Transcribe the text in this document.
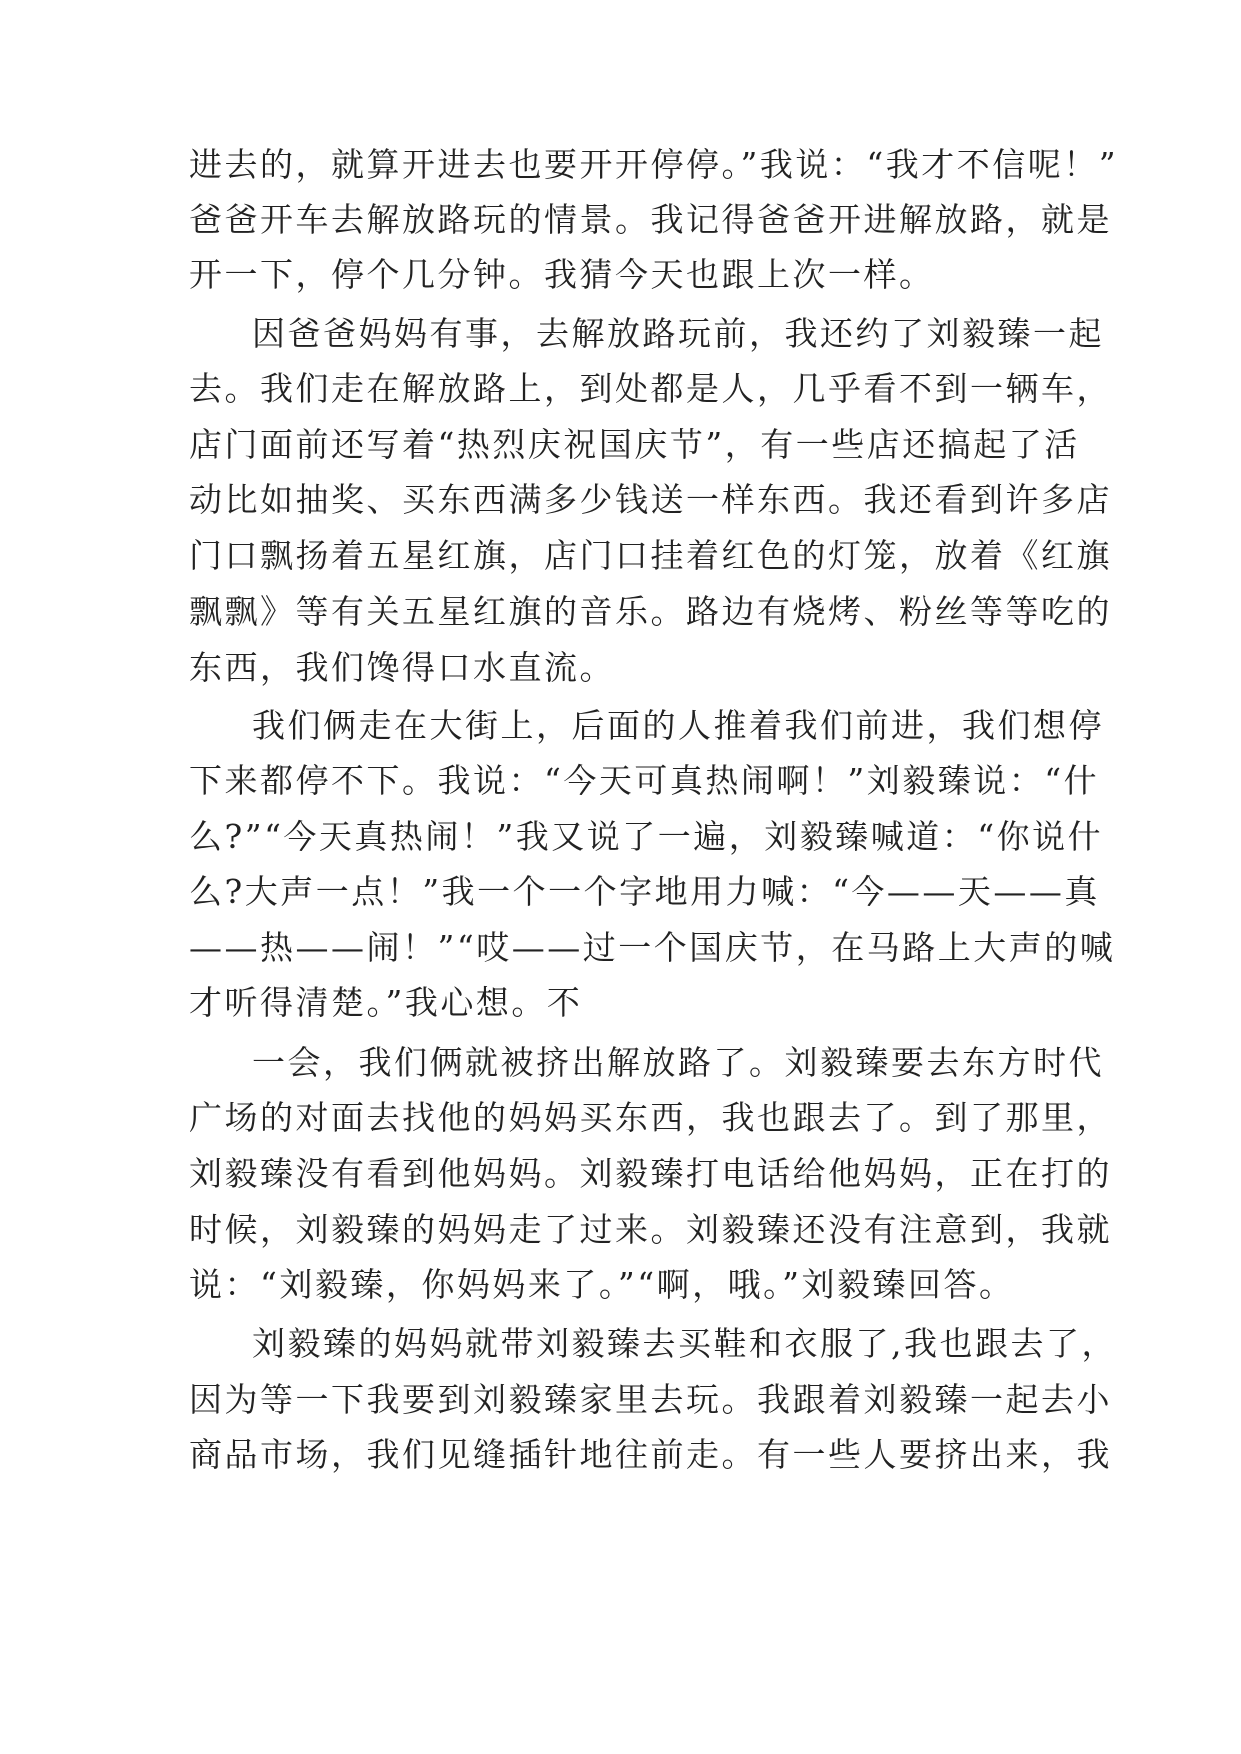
进去的，就算开进去也要开开停停。”我说：“我才不信呢！”
爸爸开车去解放路玩的情景。我记得爸爸开进解放路，就是
开一下，停个几分钟。我猜今天也跟上次一样。
因爸爸妈妈有事，去解放路玩前，我还约了刘毅臻一起
去。我们走在解放路上，到处都是人，几乎看不到一辆车，
店门面前还写着“热烈庆祝国庆节”，有一些店还搞起了活
动比如抽奖、买东西满多少钱送一样东西。我还看到许多店
门口飘扬着五星红旗，店门口挂着红色的灯笼，放着《红旗
飘飘》等有关五星红旗的音乐。路边有烧烤、粉丝等等吃的
东西，我们馋得口水直流。
我们俩走在大街上，后面的人推着我们前进，我们想停
下来都停不下。我说：“今天可真热闹啊！”刘毅臻说：“什
么?”“今天真热闹！”我又说了一遍，刘毅臻喊道：“你说什
么?大声一点！”我一个一个字地用力喊：“今——天——真
——热——闹！”“哎——过一个国庆节，在马路上大声的喊
才听得清楚。”我心想。不
一会，我们俩就被挤出解放路了。刘毅臻要去东方时代
广场的对面去找他的妈妈买东西，我也跟去了。到了那里，
刘毅臻没有看到他妈妈。刘毅臻打电话给他妈妈，正在打的
时候，刘毅臻的妈妈走了过来。刘毅臻还没有注意到，我就
说：“刘毅臻，你妈妈来了。”“啊，哦。”刘毅臻回答。
刘毅臻的妈妈就带刘毅臻去买鞋和衣服了,我也跟去了，
因为等一下我要到刘毅臻家里去玩。我跟着刘毅臻一起去小
商品市场，我们见缝插针地往前走。有一些人要挤出来，我
